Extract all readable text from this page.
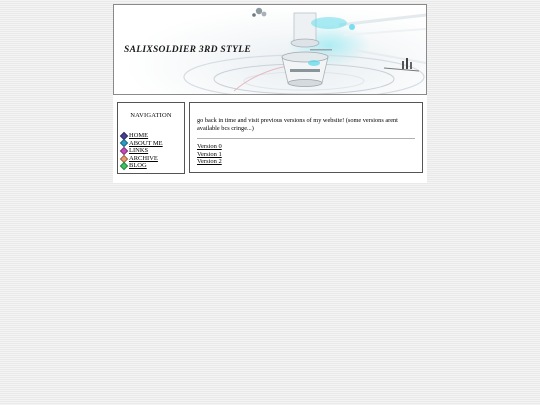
SALIXSOLDIER 3RD STYLE
NAVIGATION
HOME
ABOUT ME
LINKS
ARCHIVE
BLOG
go back in time and visit previous versions of my website! (some versions arent available bcs cringe...)
Version 0
Version 1
Version 2
